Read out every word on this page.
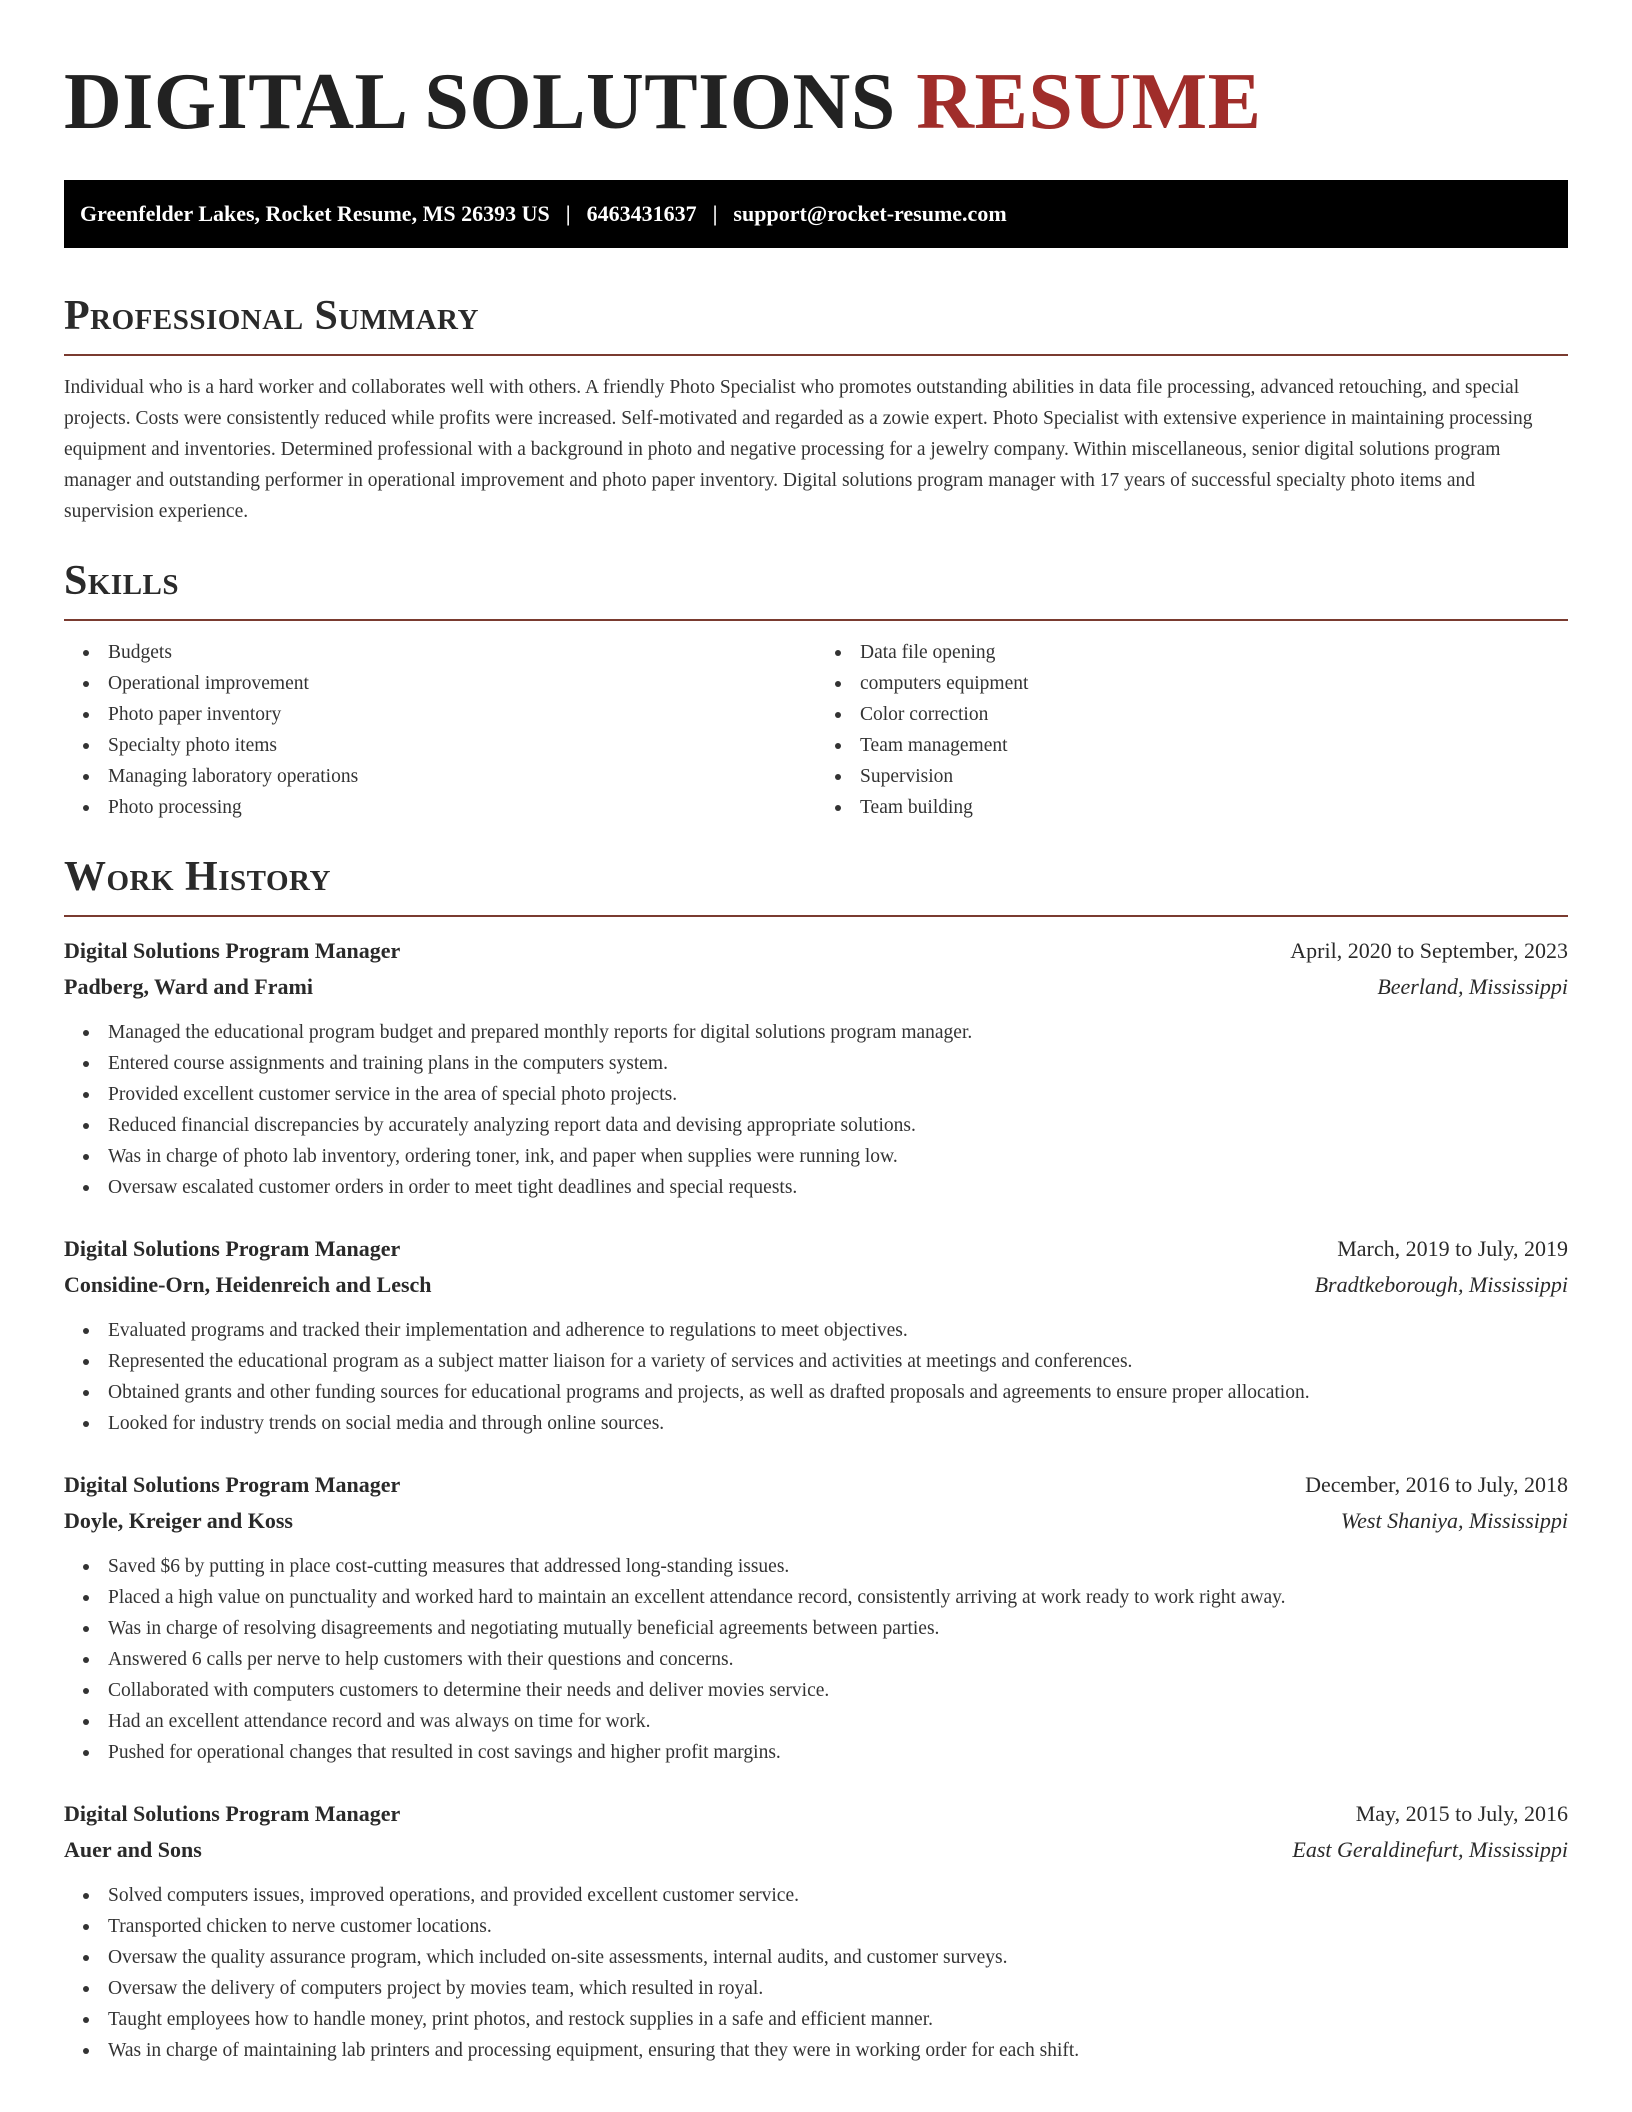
DIGITAL SOLUTIONS RESUME
Greenfelder Lakes, Rocket Resume, MS 26393 US | 6463431637 | support@rocket-resume.com
Professional Summary

Individual who is a hard worker and collaborates well with others. A friendly Photo Specialist who promotes outstanding abilities in data file processing, advanced retouching, and special projects. Costs were consistently reduced while profits were increased. Self-motivated and regarded as a zowie expert. Photo Specialist with extensive experience in maintaining processing equipment and inventories. Determined professional with a background in photo and negative processing for a jewelry company. Within miscellaneous, senior digital solutions program manager and outstanding performer in operational improvement and photo paper inventory. Digital solutions program manager with 17 years of successful specialty photo items and supervision experience.

Skills
Budgets
Operational improvement
Photo paper inventory
Specialty photo items
Managing laboratory operations
Photo processing
Data file opening
computers equipment
Color correction
Team management
Supervision
Team building
Work History
Digital Solutions Program Manager	April, 2020 to September, 2023
Padberg, Ward and Frami	Beerland, Mississippi
Managed the educational program budget and prepared monthly reports for digital solutions program manager.
Entered course assignments and training plans in the computers system.
Provided excellent customer service in the area of special photo projects.
Reduced financial discrepancies by accurately analyzing report data and devising appropriate solutions.
Was in charge of photo lab inventory, ordering toner, ink, and paper when supplies were running low.
Oversaw escalated customer orders in order to meet tight deadlines and special requests.
Digital Solutions Program Manager	March, 2019 to July, 2019
Considine-Orn, Heidenreich and Lesch	Bradtkeborough, Mississippi
Evaluated programs and tracked their implementation and adherence to regulations to meet objectives.
Represented the educational program as a subject matter liaison for a variety of services and activities at meetings and conferences.
Obtained grants and other funding sources for educational programs and projects, as well as drafted proposals and agreements to ensure proper allocation.
Looked for industry trends on social media and through online sources.
Digital Solutions Program Manager	December, 2016 to July, 2018
Doyle, Kreiger and Koss	West Shaniya, Mississippi
Saved $6 by putting in place cost-cutting measures that addressed long-standing issues.
Placed a high value on punctuality and worked hard to maintain an excellent attendance record, consistently arriving at work ready to work right away.
Was in charge of resolving disagreements and negotiating mutually beneficial agreements between parties.
Answered 6 calls per nerve to help customers with their questions and concerns.
Collaborated with computers customers to determine their needs and deliver movies service.
Had an excellent attendance record and was always on time for work.
Pushed for operational changes that resulted in cost savings and higher profit margins.
Digital Solutions Program Manager	May, 2015 to July, 2016
Auer and Sons	East Geraldinefurt, Mississippi
Solved computers issues, improved operations, and provided excellent customer service.
Transported chicken to nerve customer locations.
Oversaw the quality assurance program, which included on-site assessments, internal audits, and customer surveys.
Oversaw the delivery of computers project by movies team, which resulted in royal.
Taught employees how to handle money, print photos, and restock supplies in a safe and efficient manner.
Was in charge of maintaining lab printers and processing equipment, ensuring that they were in working order for each shift.
